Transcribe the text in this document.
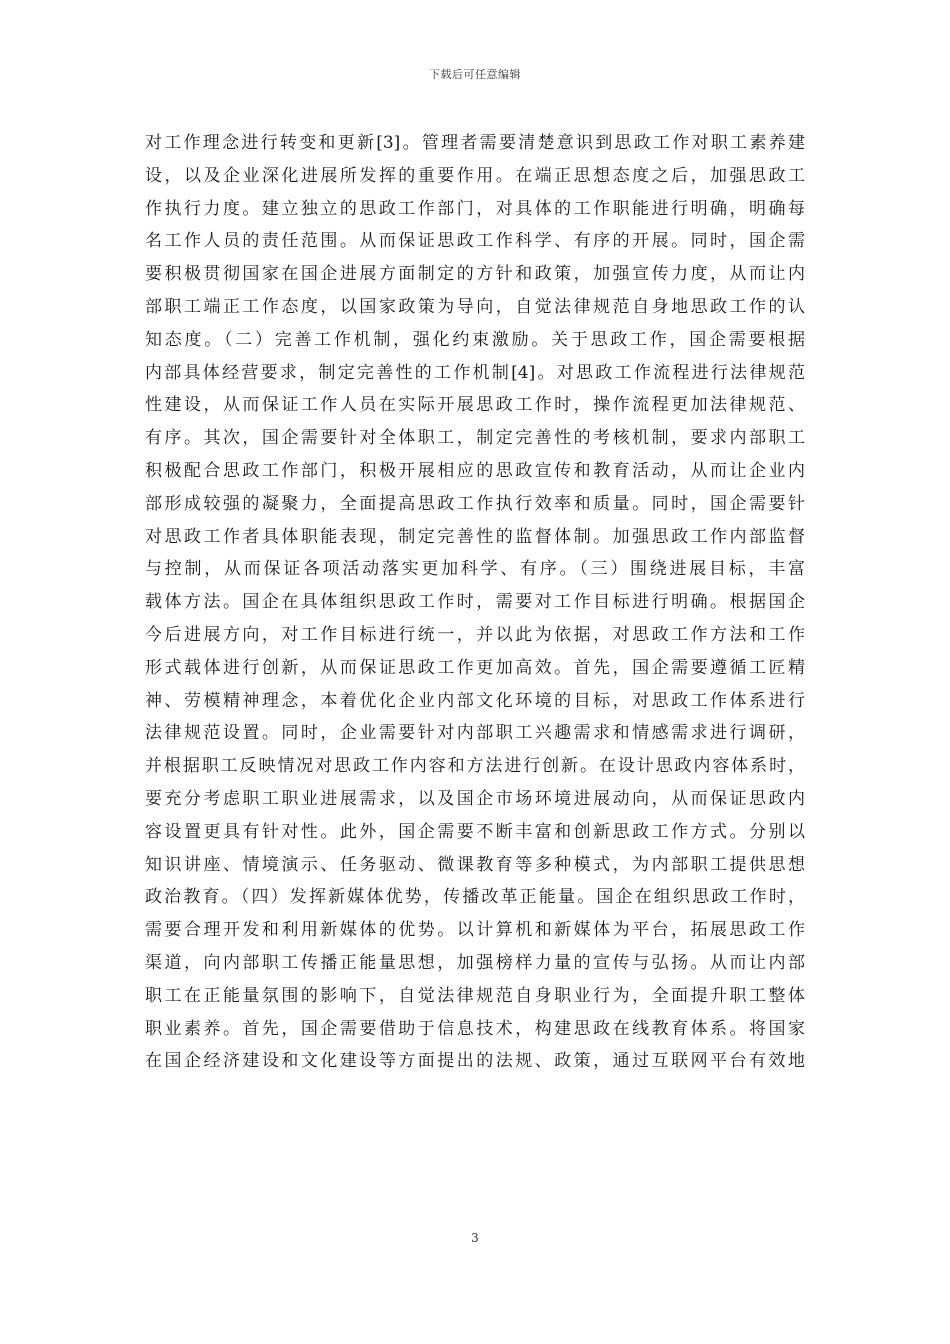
下载后可任意编辑
对工作理念进行转变和更新[3]。管理者需要清楚意识到思政工作对职工素养建
设，以及企业深化进展所发挥的重要作用。在端正思想态度之后，加强思政工
作执行力度。建立独立的思政工作部门，对具体的工作职能进行明确，明确每
名工作人员的责任范围。从而保证思政工作科学、有序的开展。同时，国企需
要积极贯彻国家在国企进展方面制定的方针和政策，加强宣传力度，从而让内
部职工端正工作态度，以国家政策为导向，自觉法律规范自身地思政工作的认
知态度。（二）完善工作机制，强化约束激励。关于思政工作，国企需要根据
内部具体经营要求，制定完善性的工作机制[4]。对思政工作流程进行法律规范
性建设，从而保证工作人员在实际开展思政工作时，操作流程更加法律规范、
有序。其次，国企需要针对全体职工，制定完善性的考核机制，要求内部职工
积极配合思政工作部门，积极开展相应的思政宣传和教育活动，从而让企业内
部形成较强的凝聚力，全面提高思政工作执行效率和质量。同时，国企需要针
对思政工作者具体职能表现，制定完善性的监督体制。加强思政工作内部监督
与控制，从而保证各项活动落实更加科学、有序。（三）围绕进展目标，丰富
载体方法。国企在具体组织思政工作时，需要对工作目标进行明确。根据国企
今后进展方向，对工作目标进行统一，并以此为依据，对思政工作方法和工作
形式载体进行创新，从而保证思政工作更加高效。首先，国企需要遵循工匠精
神、劳模精神理念，本着优化企业内部文化环境的目标，对思政工作体系进行
法律规范设置。同时，企业需要针对内部职工兴趣需求和情感需求进行调研，
并根据职工反映情况对思政工作内容和方法进行创新。在设计思政内容体系时，
要充分考虑职工职业进展需求，以及国企市场环境进展动向，从而保证思政内
容设置更具有针对性。此外，国企需要不断丰富和创新思政工作方式。分别以
知识讲座、情境演示、任务驱动、微课教育等多种模式，为内部职工提供思想
政治教育。（四）发挥新媒体优势，传播改革正能量。国企在组织思政工作时，
需要合理开发和利用新媒体的优势。以计算机和新媒体为平台，拓展思政工作
渠道，向内部职工传播正能量思想，加强榜样力量的宣传与弘扬。从而让内部
职工在正能量氛围的影响下，自觉法律规范自身职业行为，全面提升职工整体
职业素养。首先，国企需要借助于信息技术，构建思政在线教育体系。将国家
在国企经济建设和文化建设等方面提出的法规、政策，通过互联网平台有效地
3
